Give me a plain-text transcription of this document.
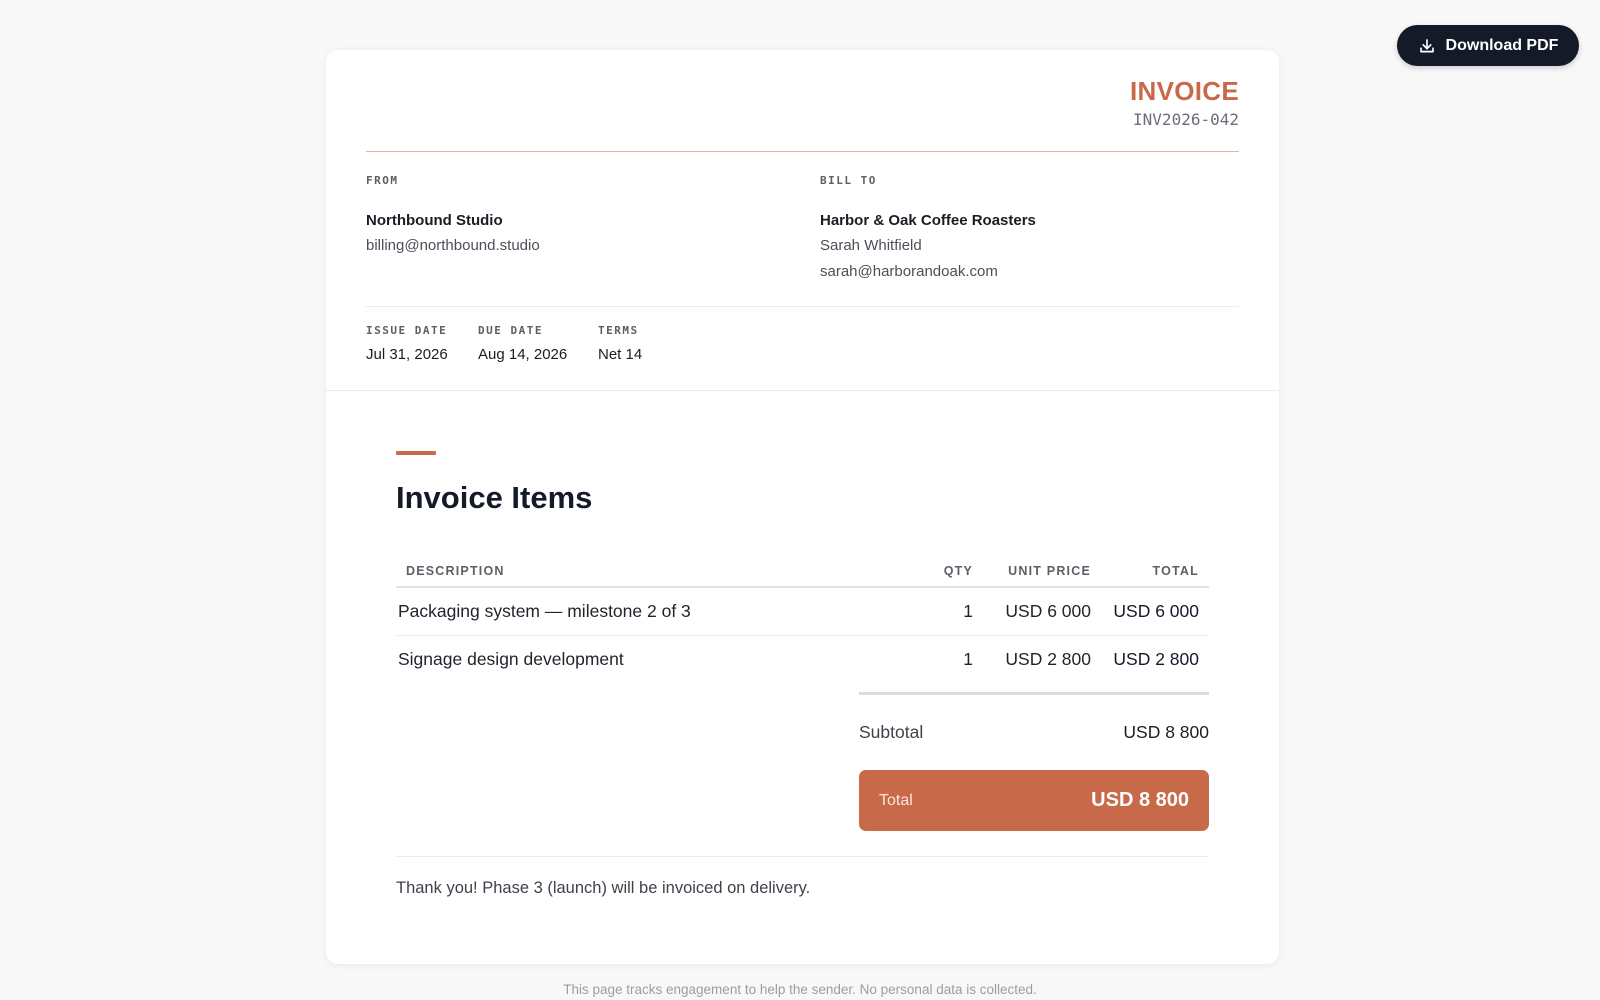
Download PDF
INVOICE
INV2026-042
FROM
Northbound Studio
billing@northbound.studio
BILL TO
Harbor & Oak Coffee Roasters
Sarah Whitfield
sarah@harborandoak.com
ISSUE DATE
Jul 31, 2026
DUE DATE
Aug 14, 2026
TERMS
Net 14
Invoice Items
DESCRIPTION	QTY	UNIT PRICE	TOTAL
Packaging system — milestone 2 of 3	1	USD 6 000	USD 6 000
Signage design development	1	USD 2 800	USD 2 800
Subtotal	USD 8 800
Total	USD 8 800
Thank you! Phase 3 (launch) will be invoiced on delivery.
This page tracks engagement to help the sender. No personal data is collected.
